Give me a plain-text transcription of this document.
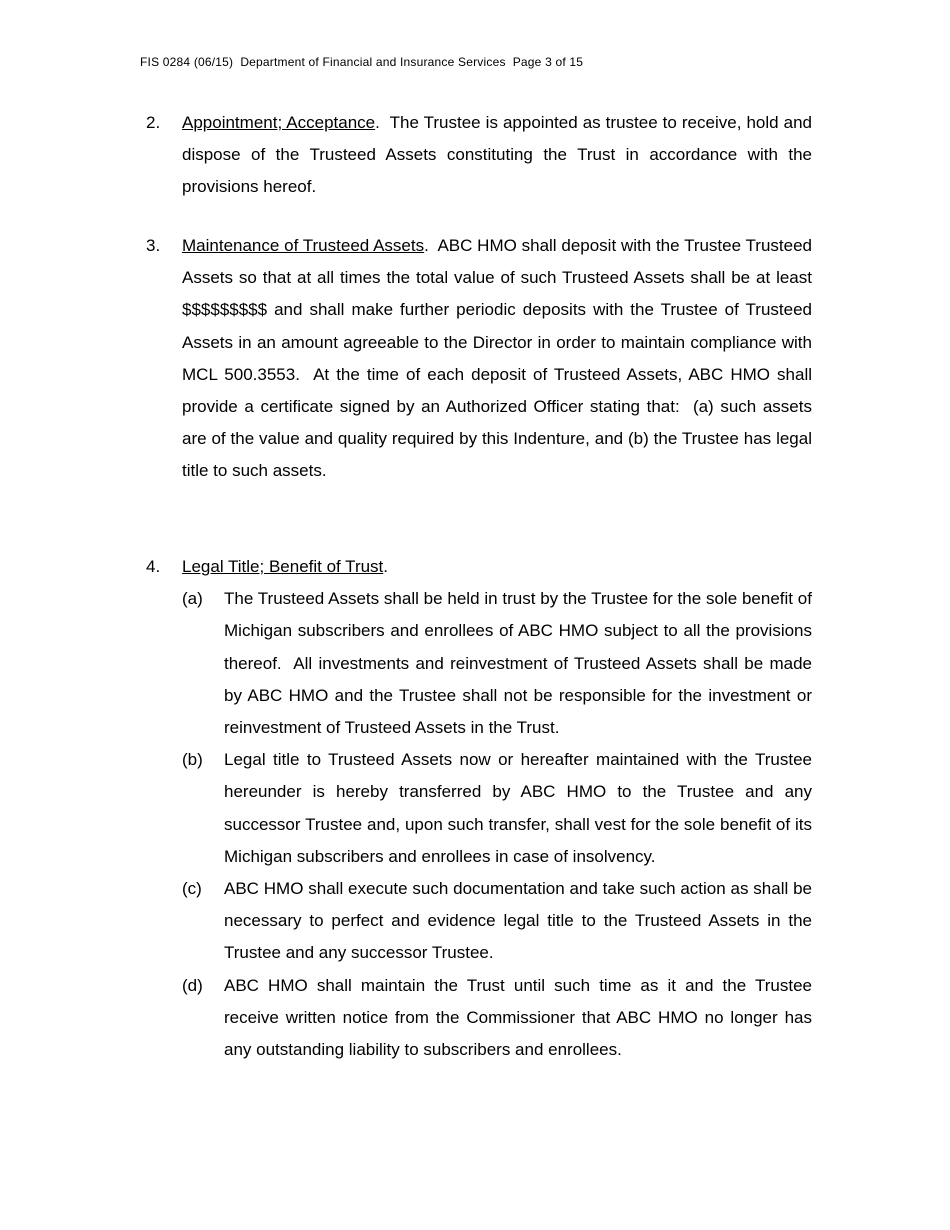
FIS 0284 (06/15)  Department of Financial and Insurance Services  Page 3 of 15
2.	Appointment; Acceptance.  The Trustee is appointed as trustee to receive, hold and dispose of the Trusteed Assets constituting the Trust in accordance with the provisions hereof.
3.	Maintenance of Trusteed Assets.  ABC HMO shall deposit with the Trustee Trusteed Assets so that at all times the total value of such Trusteed Assets shall be at least $$$$$$$$$ and shall make further periodic deposits with the Trustee of Trusteed Assets in an amount agreeable to the Director in order to maintain compliance with MCL 500.3553.  At the time of each deposit of Trusteed Assets, ABC HMO shall provide a certificate signed by an Authorized Officer stating that:  (a) such assets are of the value and quality required by this Indenture, and (b) the Trustee has legal title to such assets.
4.	Legal Title; Benefit of Trust.
(a)	The Trusteed Assets shall be held in trust by the Trustee for the sole benefit of Michigan subscribers and enrollees of ABC HMO subject to all the provisions thereof.  All investments and reinvestment of Trusteed Assets shall be made by ABC HMO and the Trustee shall not be responsible for the investment or reinvestment of Trusteed Assets in the Trust.
(b)	Legal title to Trusteed Assets now or hereafter maintained with the Trustee hereunder is hereby transferred by ABC HMO to the Trustee and any successor Trustee and, upon such transfer, shall vest for the sole benefit of its Michigan subscribers and enrollees in case of insolvency.
(c)	ABC HMO shall execute such documentation and take such action as shall be necessary to perfect and evidence legal title to the Trusteed Assets in the Trustee and any successor Trustee.
(d)	ABC HMO shall maintain the Trust until such time as it and the Trustee receive written notice from the Commissioner that ABC HMO no longer has any outstanding liability to subscribers and enrollees.
